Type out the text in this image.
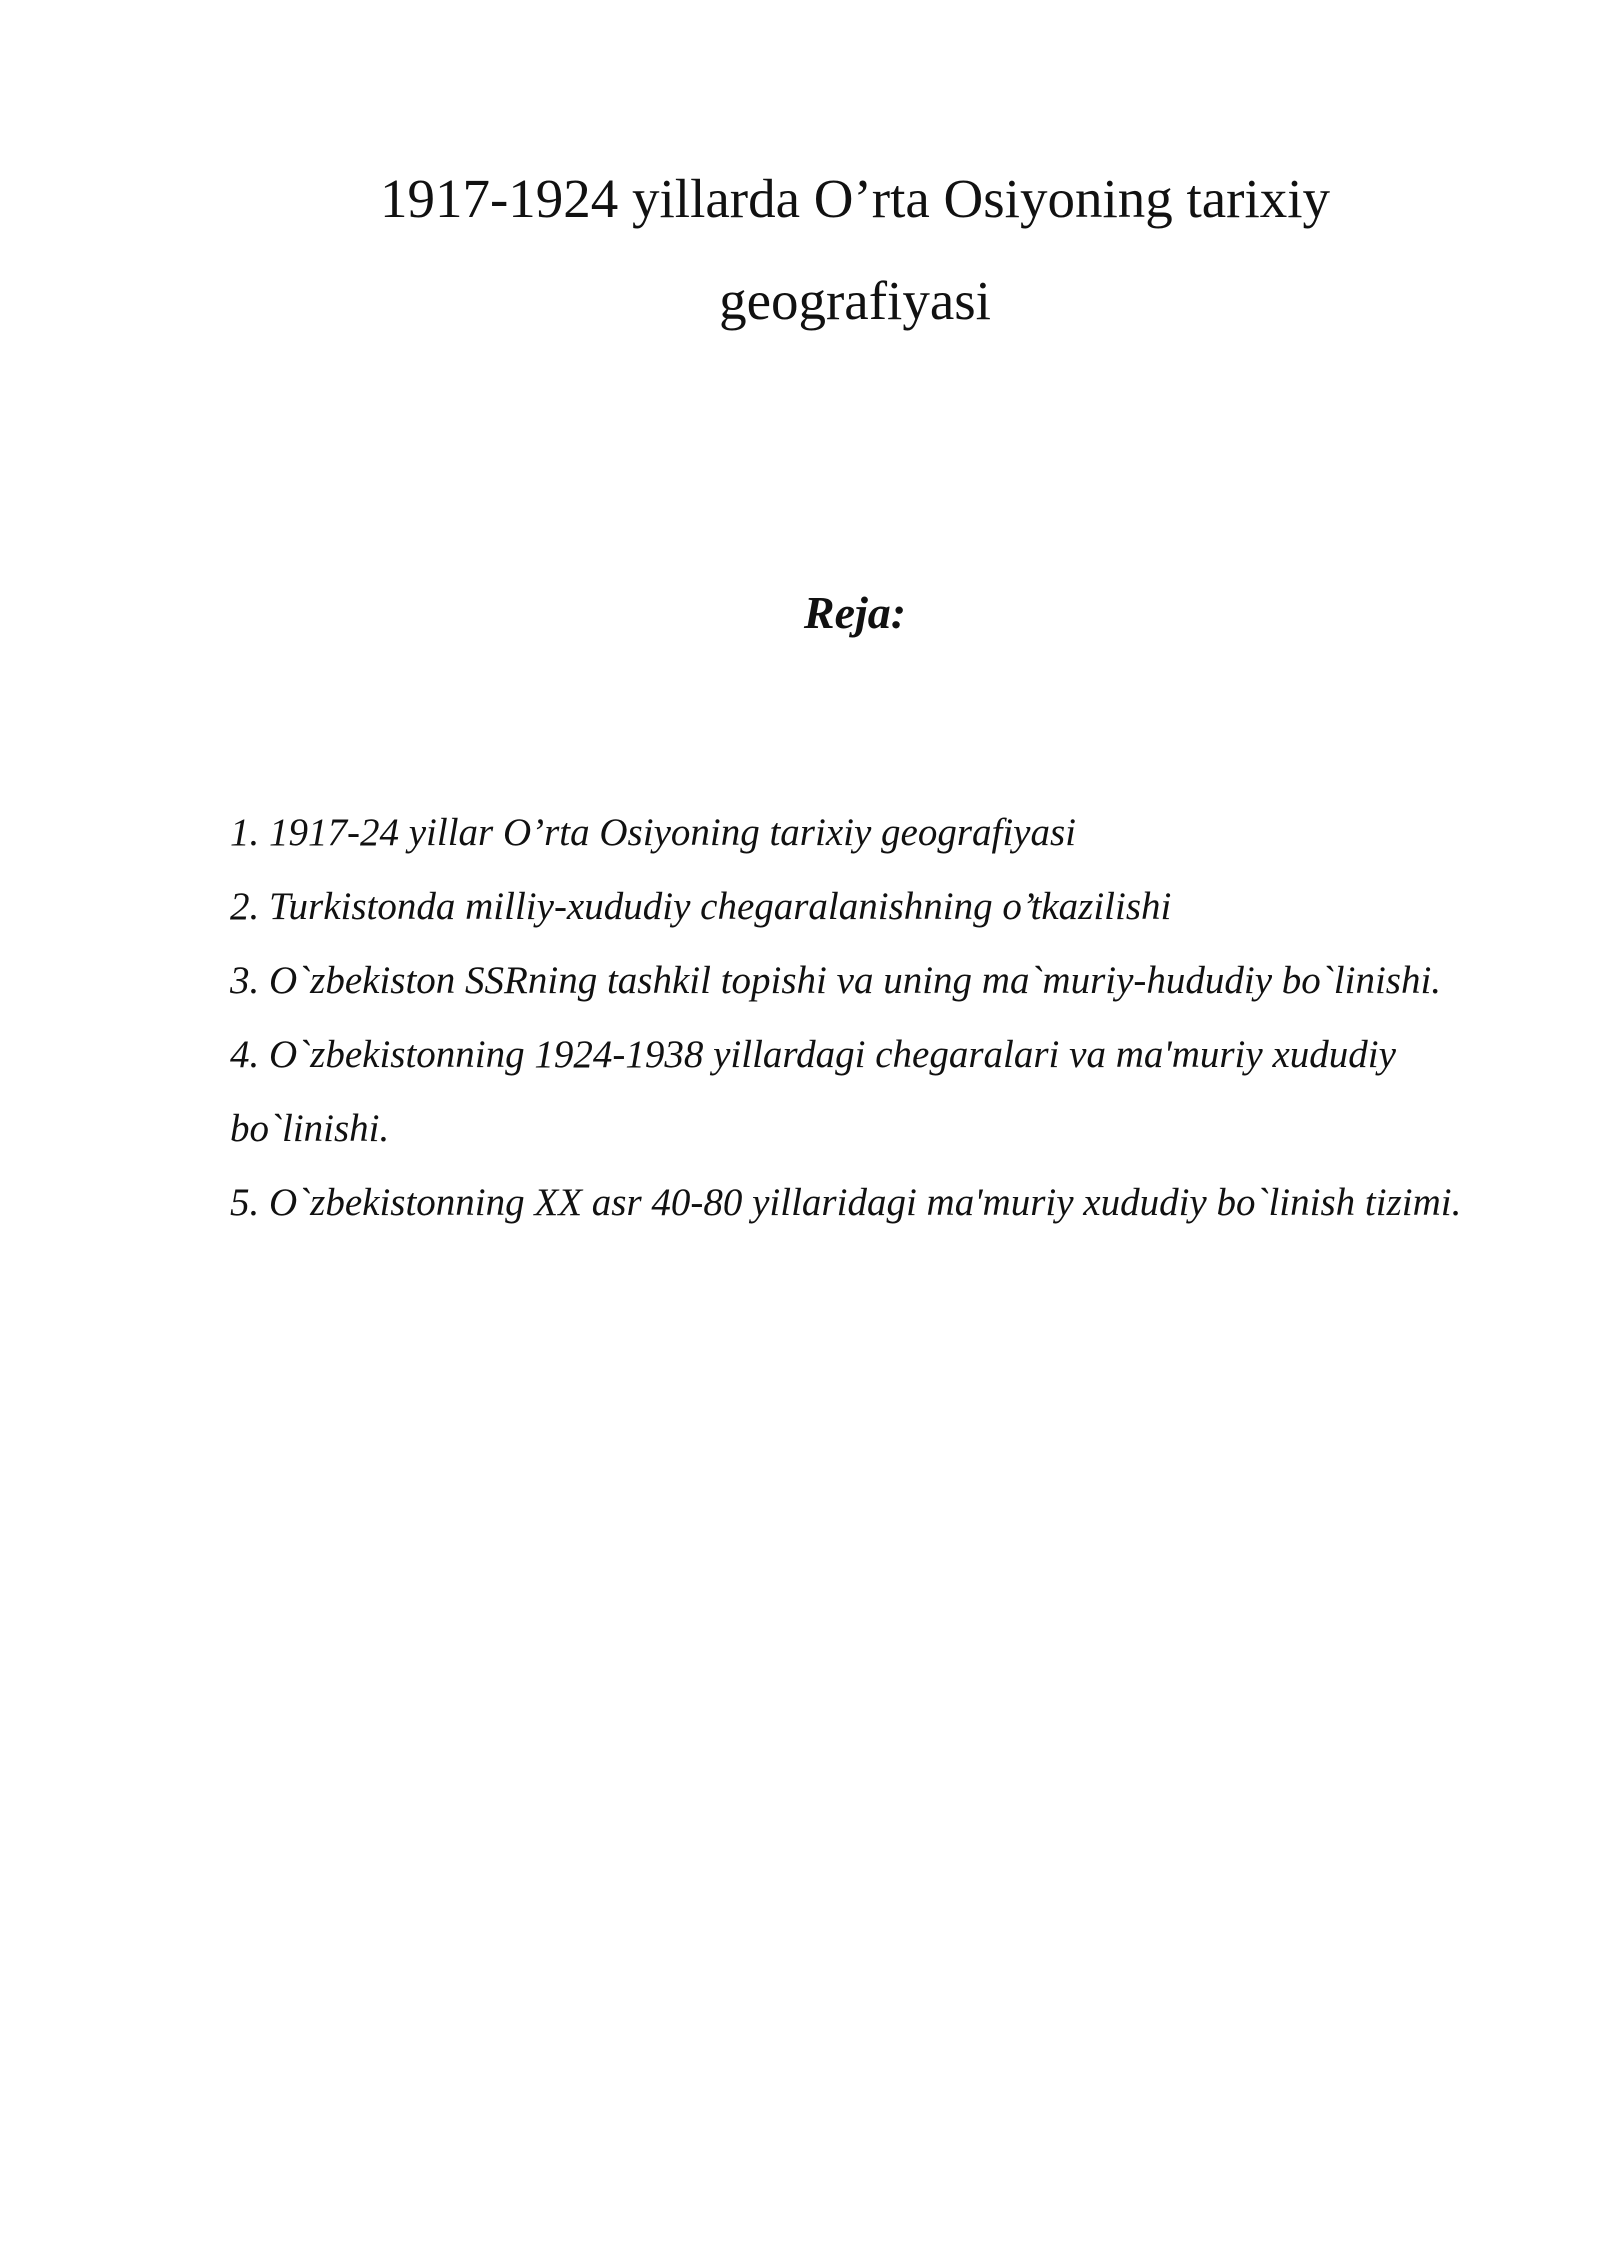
1917-1924 yillarda O’rta Osiyoning tarixiy geografiyasi
Reja:
1. 1917-24 yillar O’rta Osiyoning tarixiy geografiyasi
2. Turkistonda milliy-xududiy chegaralanishning o’tkazilishi
3. O`zbekiston SSRning tashkil topishi va uning ma`muriy-hududiy bo`linishi.
4. O`zbekistonning 1924-1938 yillardagi chegaralari va ma'muriy xududiy bo`linishi.
5. O`zbekistonning XX asr 40-80 yillaridagi ma'muriy xududiy bo`linish tizimi.
